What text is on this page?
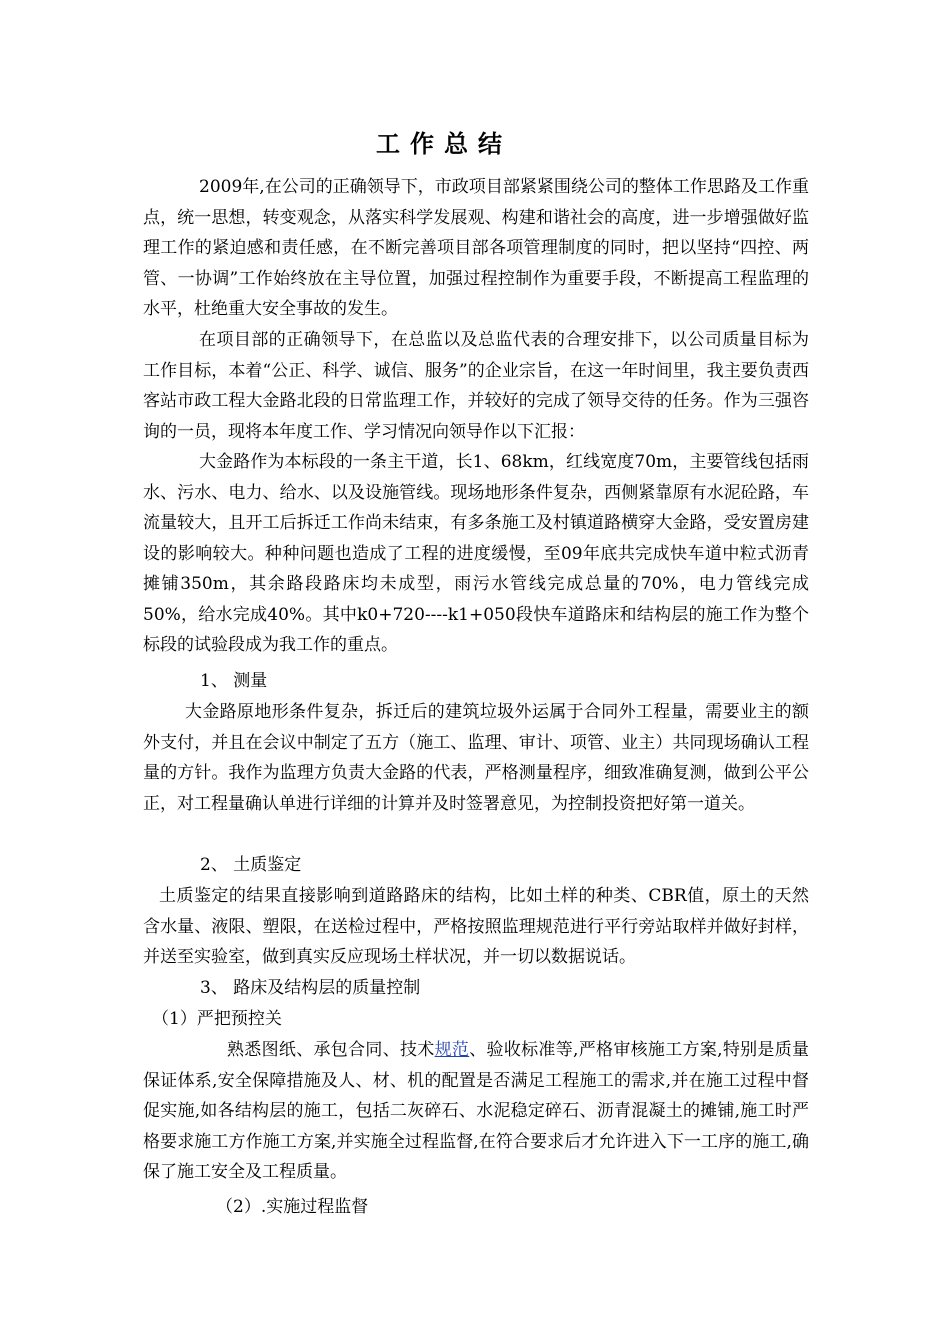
工作总结

2009年,在公司的正确领导下，市政项目部紧紧围绕公司的整体工作思路及工作重点，统一思想，转变观念，从落实科学发展观、构建和谐社会的高度，进一步增强做好监理工作的紧迫感和责任感，在不断完善项目部各项管理制度的同时，把以坚持“四控、两管、一协调”工作始终放在主导位置，加强过程控制作为重要手段，不断提高工程监理的水平，杜绝重大安全事故的发生。

在项目部的正确领导下，在总监以及总监代表的合理安排下，以公司质量目标为工作目标，本着“公正、科学、诚信、服务”的企业宗旨，在这一年时间里，我主要负责西客站市政工程大金路北段的日常监理工作，并较好的完成了领导交待的任务。作为三强咨询的一员，现将本年度工作、学习情况向领导作以下汇报：

大金路作为本标段的一条主干道，长1、68km，红线宽度70m，主要管线包括雨水、污水、电力、给水、以及设施管线。现场地形条件复杂，西侧紧靠原有水泥砼路，车流量较大，且开工后拆迁工作尚未结束，有多条施工及村镇道路横穿大金路，受安置房建设的影响较大。种种问题也造成了工程的进度缓慢，至09年底共完成快车道中粒式沥青摊铺350m，其余路段路床均未成型，雨污水管线完成总量的70%，电力管线完成50%，给水完成40%。其中k0+720----k1+050段快车道路床和结构层的施工作为整个标段的试验段成为我工作的重点。

1、 测量

大金路原地形条件复杂，拆迁后的建筑垃圾外运属于合同外工程量，需要业主的额外支付，并且在会议中制定了五方（施工、监理、审计、项管、业主）共同现场确认工程量的方针。我作为监理方负责大金路的代表，严格测量程序，细致准确复测，做到公平公正，对工程量确认单进行详细的计算并及时签署意见，为控制投资把好第一道关。

2、 土质鉴定

土质鉴定的结果直接影响到道路路床的结构，比如土样的种类、CBR值，原土的天然含水量、液限、塑限，在送检过程中，严格按照监理规范进行平行旁站取样并做好封样，并送至实验室，做到真实反应现场土样状况，并一切以数据说话。

3、 路床及结构层的质量控制
（1）严把预控关

熟悉图纸、承包合同、技术规范、验收标准等,严格审核施工方案,特别是质量保证体系,安全保障措施及人、材、机的配置是否满足工程施工的需求,并在施工过程中督促实施,如各结构层的施工，包括二灰碎石、水泥稳定碎石、沥青混凝土的摊铺,施工时严格要求施工方作施工方案,并实施全过程监督,在符合要求后才允许进入下一工序的施工,确保了施工安全及工程质量。

（2）.实施过程监督
